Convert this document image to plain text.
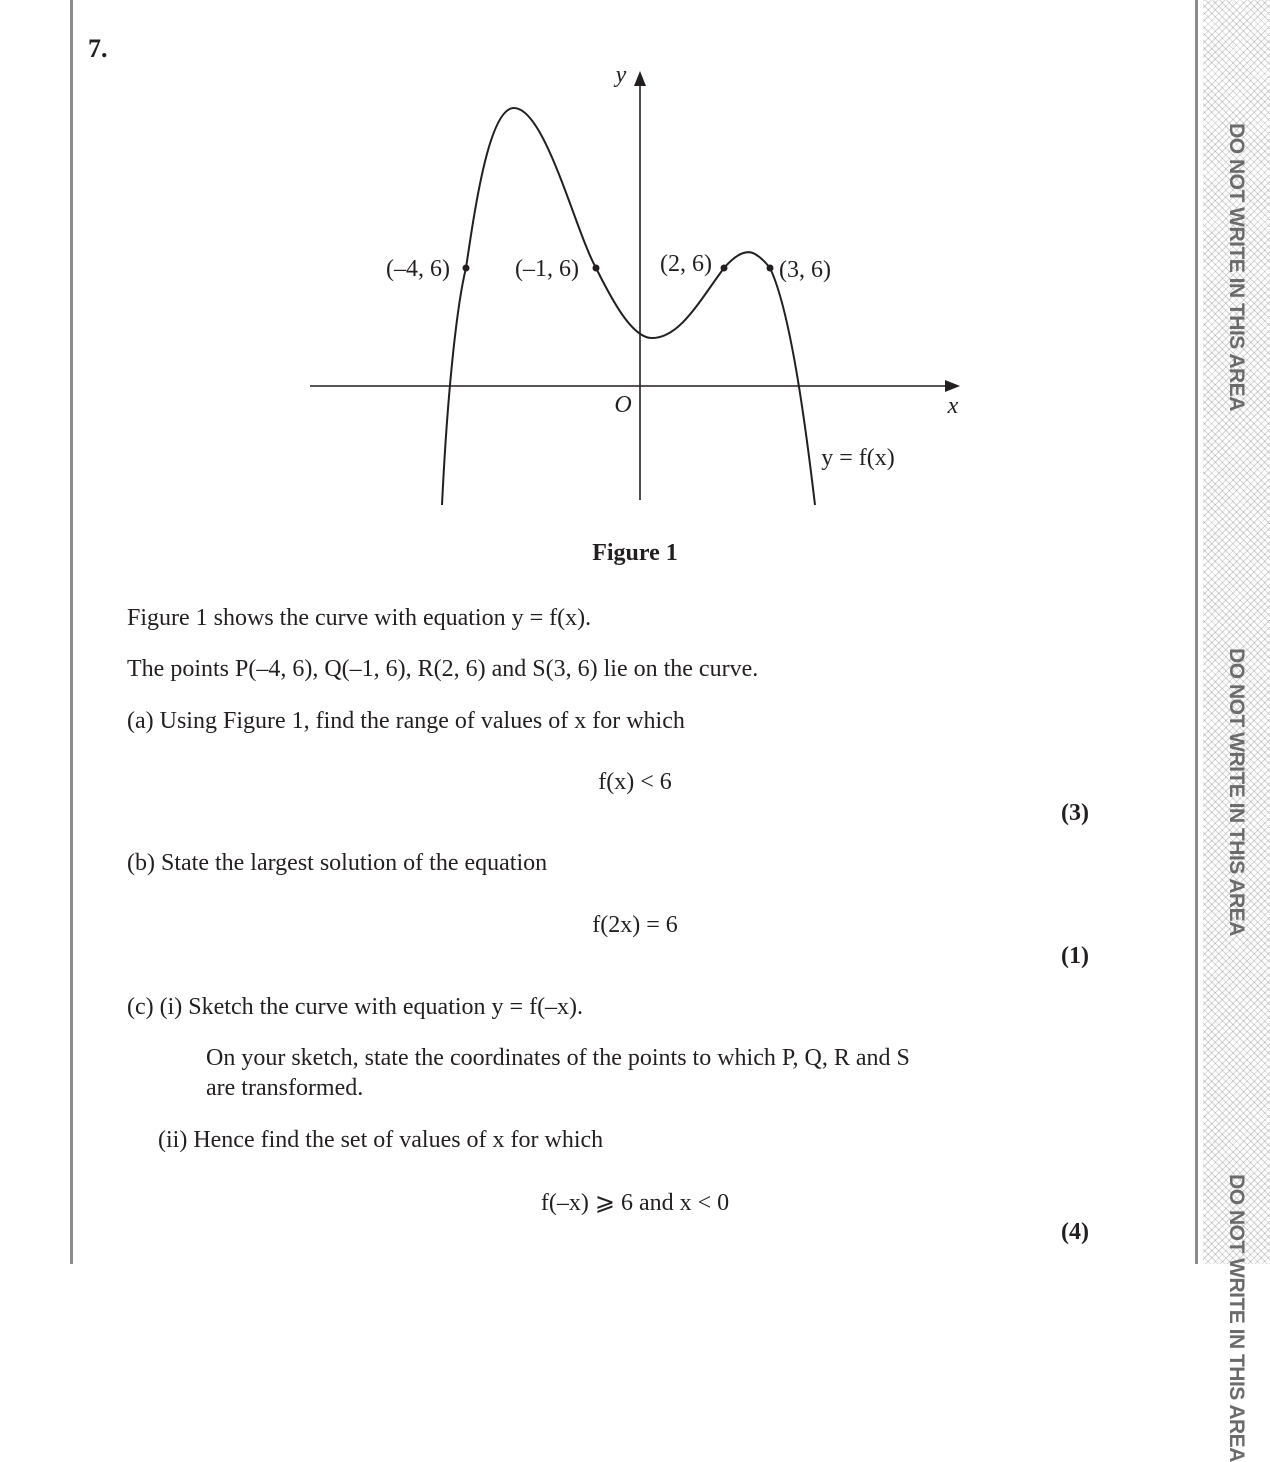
DO NOT WRITE IN THIS AREA
DO NOT WRITE IN THIS AREA
DO NOT WRITE IN THIS AREA
7.
(–4, 6)	(–1, 6)	(2, 6)	(3, 6)
y
x
O
y = f(x)
Figure 1
Figure 1 shows the curve with equation y = f(x).
The points P(–4, 6), Q(–1, 6), R(2, 6) and S(3, 6) lie on the curve.
(a) Using Figure 1, find the range of values of x for which
f(x) < 6
(3)
(b) State the largest solution of the equation
f(2x) = 6
(1)
(c) (i) Sketch the curve with equation y = f(–x).
On your sketch, state the coordinates of the points to which P, Q, R and S
are transformed.
(ii) Hence find the set of values of x for which
f(–x) ⩾ 6 and x < 0
(4)
